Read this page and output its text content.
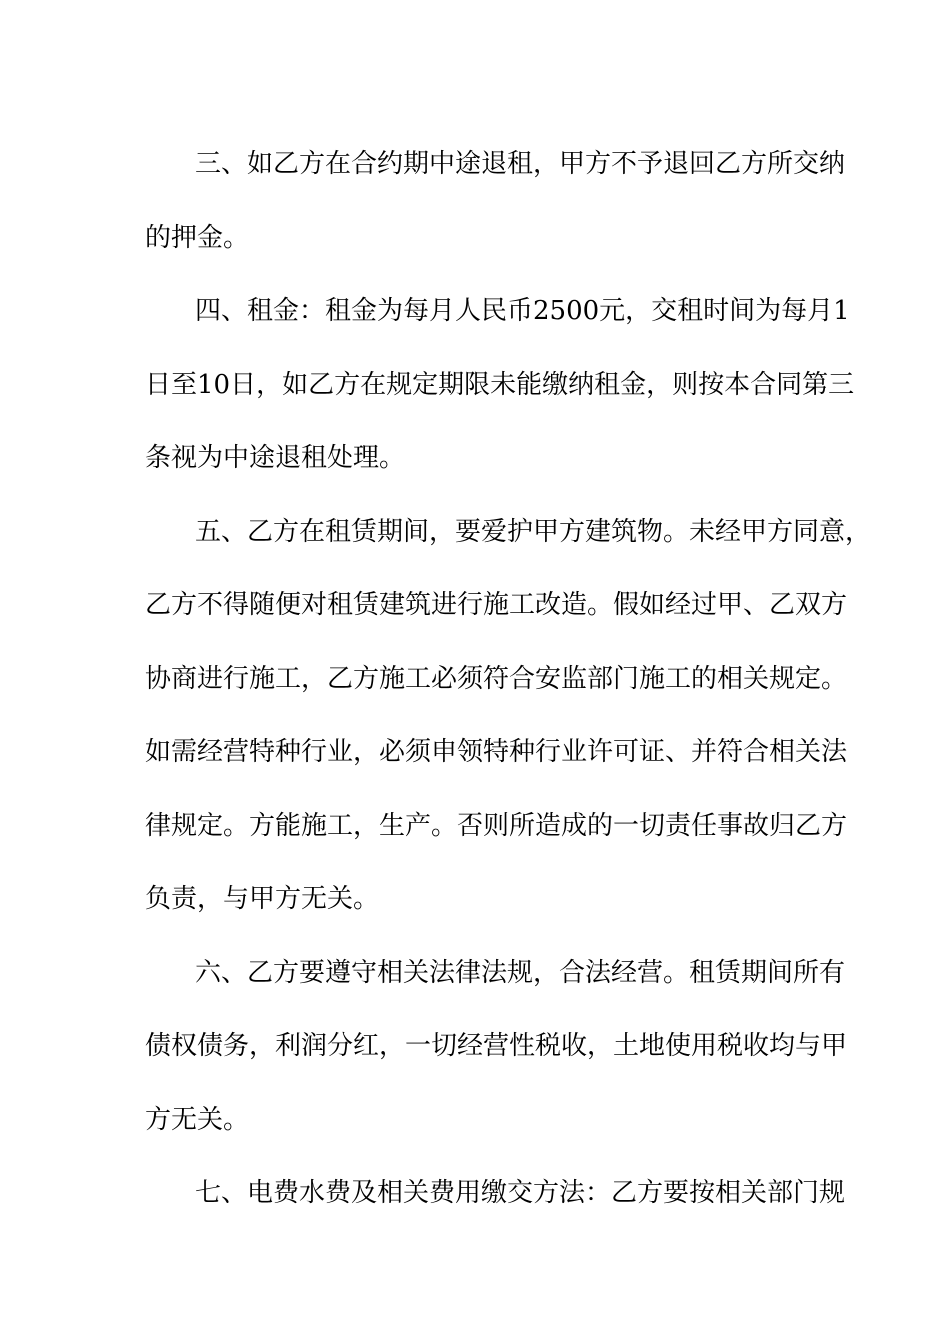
三、如乙方在合约期中途退租，甲方不予退回乙方所交纳
的押金。
四、租金：租金为每月人民币2500元，交租时间为每月1
日至10日，如乙方在规定期限未能缴纳租金，则按本合同第三
条视为中途退租处理。
五、乙方在租赁期间，要爱护甲方建筑物。未经甲方同意，
乙方不得随便对租赁建筑进行施工改造。假如经过甲、乙双方
协商进行施工，乙方施工必须符合安监部门施工的相关规定。
如需经营特种行业，必须申领特种行业许可证、并符合相关法
律规定。方能施工，生产。否则所造成的一切责任事故归乙方
负责，与甲方无关。
六、乙方要遵守相关法律法规，合法经营。租赁期间所有
债权债务，利润分红，一切经营性税收，土地使用税收均与甲
方无关。
七、电费水费及相关费用缴交方法：乙方要按相关部门规
